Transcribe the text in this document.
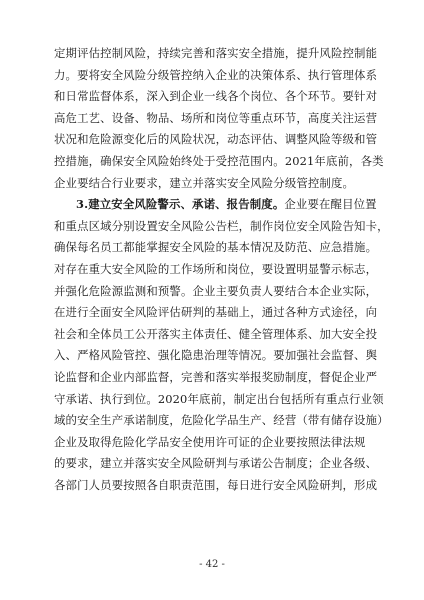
定期评估控制风险，持续完善和落实安全措施，提升风险控制能
力。要将安全风险分级管控纳入企业的决策体系、执行管理体系
和日常监督体系，深入到企业一线各个岗位、各个环节。要针对
高危工艺、设备、物品、场所和岗位等重点环节，高度关注运营
状况和危险源变化后的风险状况，动态评估、调整风险等级和管
控措施，确保安全风险始终处于受控范围内。2021年底前，各类
企业要结合行业要求，建立并落实安全风险分级管控制度。
3.建立安全风险警示、承诺、报告制度。企业要在醒目位置
和重点区域分别设置安全风险公告栏，制作岗位安全风险告知卡，
确保每名员工都能掌握安全风险的基本情况及防范、应急措施。
对存在重大安全风险的工作场所和岗位，要设置明显警示标志，
并强化危险源监测和预警。企业主要负责人要结合本企业实际，
在进行全面安全风险评估研判的基础上，通过各种方式途径，向
社会和全体员工公开落实主体责任、健全管理体系、加大安全投
入、严格风险管控、强化隐患治理等情况。要加强社会监督、舆
论监督和企业内部监督，完善和落实举报奖励制度，督促企业严
守承诺、执行到位。2020年底前，制定出台包括所有重点行业领
域的安全生产承诺制度，危险化学品生产、经营（带有储存设施）
企业及取得危险化学品安全使用许可证的企业要按照法律法规
的要求，建立并落实安全风险研判与承诺公告制度；企业各级、
各部门人员要按照各自职责范围，每日进行安全风险研判，形成
- 42 -
